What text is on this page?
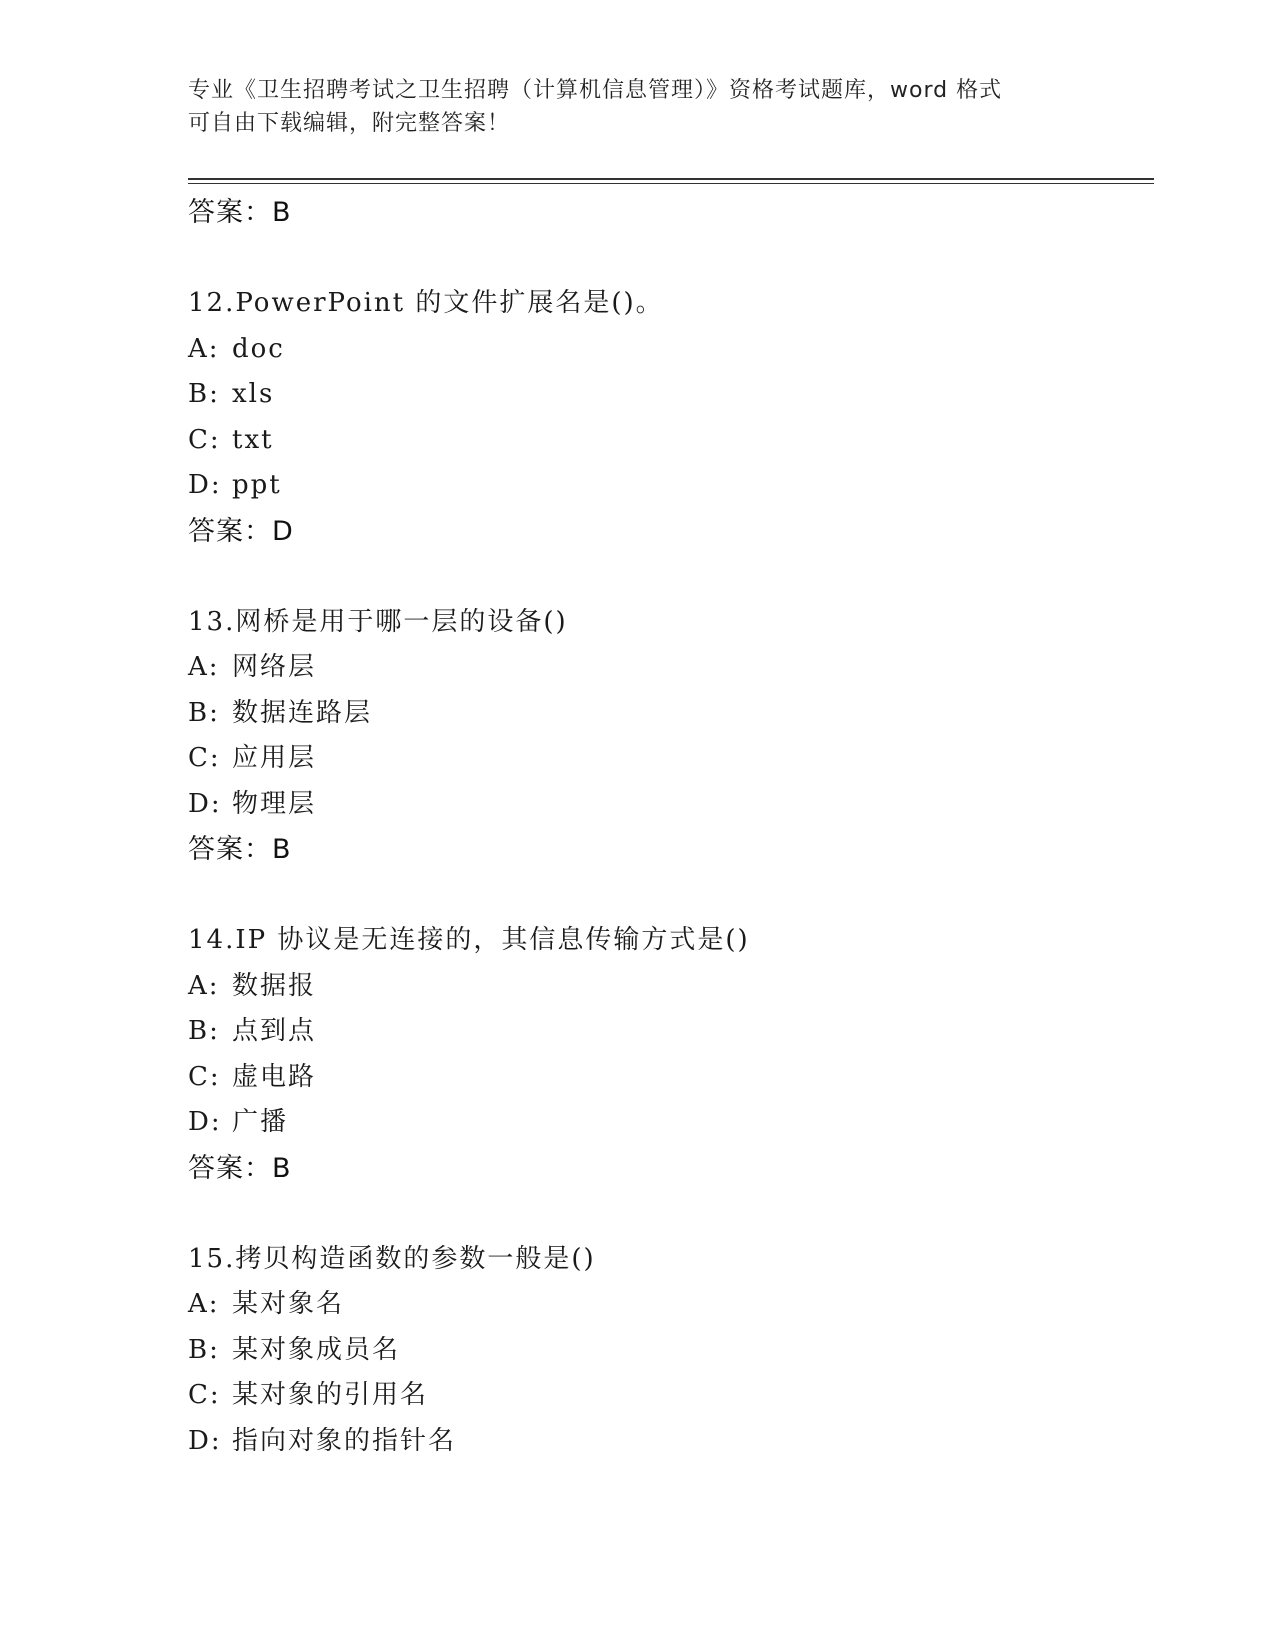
专业《卫生招聘考试之卫生招聘（计算机信息管理）》资格考试题库，word 格式
可自由下载编辑，附完整答案！
答案：B
12.PowerPoint 的文件扩展名是()。
A: doc
B: xls
C: txt
D: ppt
答案：D
13.网桥是用于哪一层的设备()
A: 网络层
B: 数据连路层
C: 应用层
D: 物理层
答案：B
14.IP 协议是无连接的，其信息传输方式是()
A: 数据报
B: 点到点
C: 虚电路
D: 广播
答案：B
15.拷贝构造函数的参数一般是()
A: 某对象名
B: 某对象成员名
C: 某对象的引用名
D: 指向对象的指针名
